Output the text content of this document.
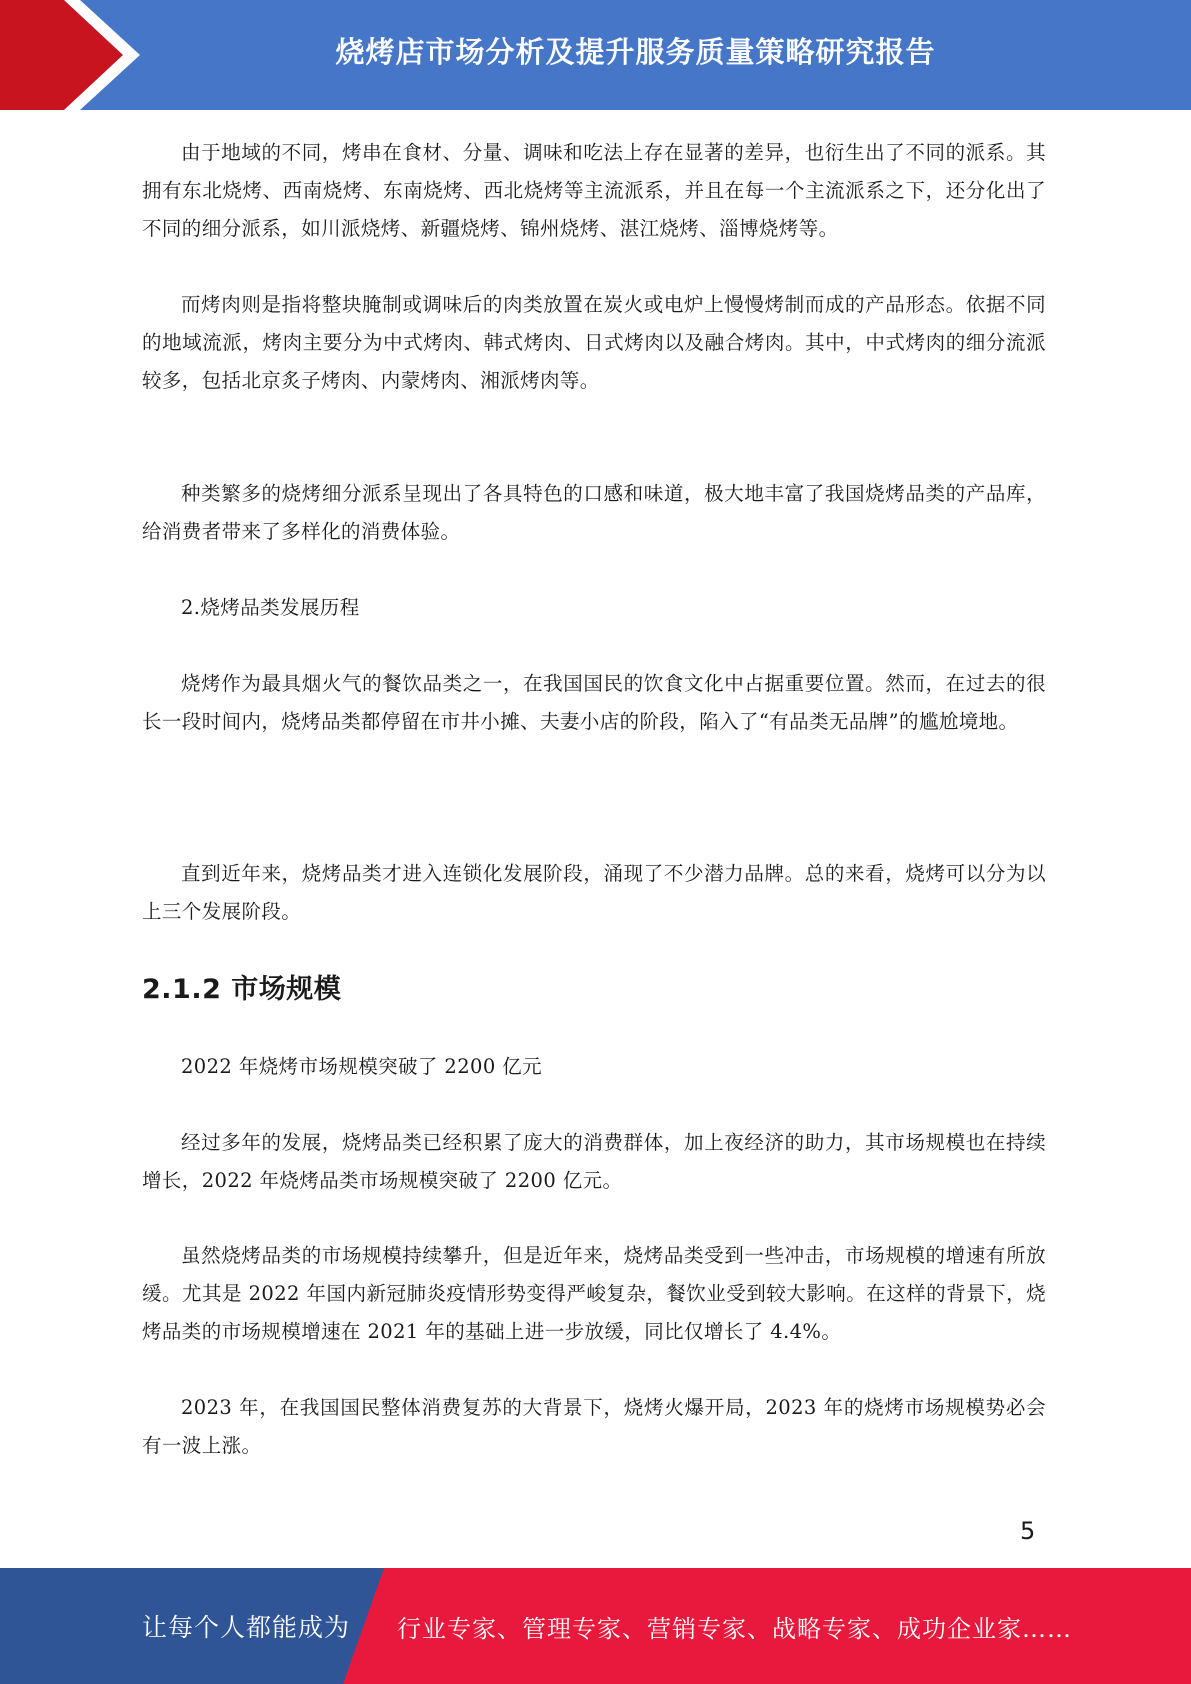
烧烤店市场分析及提升服务质量策略研究报告

由于地域的不同，烤串在食材、分量、调味和吃法上存在显著的差异，也衍生出了不同的派系。其拥有东北烧烤、西南烧烤、东南烧烤、西北烧烤等主流派系，并且在每一个主流派系之下，还分化出了不同的细分派系，如川派烧烤、新疆烧烤、锦州烧烤、湛江烧烤、淄博烧烤等。

而烤肉则是指将整块腌制或调味后的肉类放置在炭火或电炉上慢慢烤制而成的产品形态。依据不同的地域流派，烤肉主要分为中式烤肉、韩式烤肉、日式烤肉以及融合烤肉。其中，中式烤肉的细分流派较多，包括北京炙子烤肉、内蒙烤肉、湘派烤肉等。

种类繁多的烧烤细分派系呈现出了各具特色的口感和味道，极大地丰富了我国烧烤品类的产品库，给消费者带来了多样化的消费体验。

2.烧烤品类发展历程

烧烤作为最具烟火气的餐饮品类之一，在我国国民的饮食文化中占据重要位置。然而，在过去的很长一段时间内，烧烤品类都停留在市井小摊、夫妻小店的阶段，陷入了“有品类无品牌”的尴尬境地。

直到近年来，烧烤品类才进入连锁化发展阶段，涌现了不少潜力品牌。总的来看，烧烤可以分为以上三个发展阶段。

2.1.2 市场规模

2022 年烧烤市场规模突破了 2200 亿元

经过多年的发展，烧烤品类已经积累了庞大的消费群体，加上夜经济的助力，其市场规模也在持续增长，2022 年烧烤品类市场规模突破了 2200 亿元。

虽然烧烤品类的市场规模持续攀升，但是近年来，烧烤品类受到一些冲击，市场规模的增速有所放缓。尤其是 2022 年国内新冠肺炎疫情形势变得严峻复杂，餐饮业受到较大影响。在这样的背景下，烧烤品类的市场规模增速在 2021 年的基础上进一步放缓，同比仅增长了 4.4%。

2023 年，在我国国民整体消费复苏的大背景下，烧烤火爆开局，2023 年的烧烤市场规模势必会有一波上涨。

5
让每个人都能成为 行业专家、管理专家、营销专家、战略专家、成功企业家……
